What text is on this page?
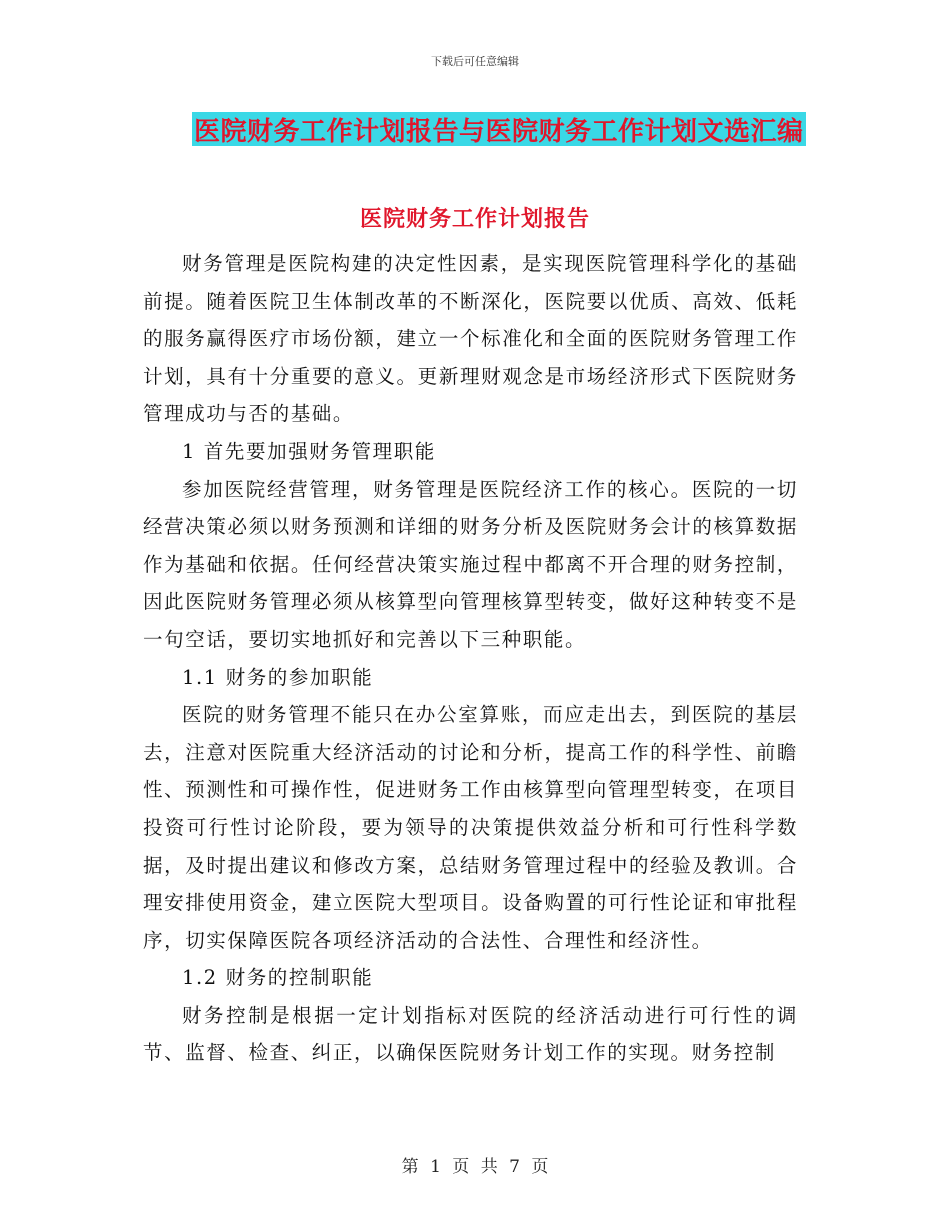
下载后可任意编辑
医院财务工作计划报告与医院财务工作计划文选汇编
医院财务工作计划报告

财务管理是医院构建的决定性因素，是实现医院管理科学化的基础前提。随着医院卫生体制改革的不断深化，医院要以优质、高效、低耗的服务赢得医疗市场份额，建立一个标准化和全面的医院财务管理工作计划，具有十分重要的意义。更新理财观念是市场经济形式下医院财务管理成功与否的基础。

1 首先要加强财务管理职能

参加医院经营管理，财务管理是医院经济工作的核心。医院的一切经营决策必须以财务预测和详细的财务分析及医院财务会计的核算数据作为基础和依据。任何经营决策实施过程中都离不开合理的财务控制，因此医院财务管理必须从核算型向管理核算型转变，做好这种转变不是一句空话，要切实地抓好和完善以下三种职能。

1.1 财务的参加职能

医院的财务管理不能只在办公室算账，而应走出去，到医院的基层去，注意对医院重大经济活动的讨论和分析，提高工作的科学性、前瞻性、预测性和可操作性，促进财务工作由核算型向管理型转变，在项目投资可行性讨论阶段，要为领导的决策提供效益分析和可行性科学数据，及时提出建议和修改方案，总结财务管理过程中的经验及教训。合理安排使用资金，建立医院大型项目。设备购置的可行性论证和审批程序，切实保障医院各项经济活动的合法性、合理性和经济性。

1.2 财务的控制职能

财务控制是根据一定计划指标对医院的经济活动进行可行性的调节、监督、检查、纠正，以确保医院财务计划工作的实现。财务控制

第 1 页 共 7 页
